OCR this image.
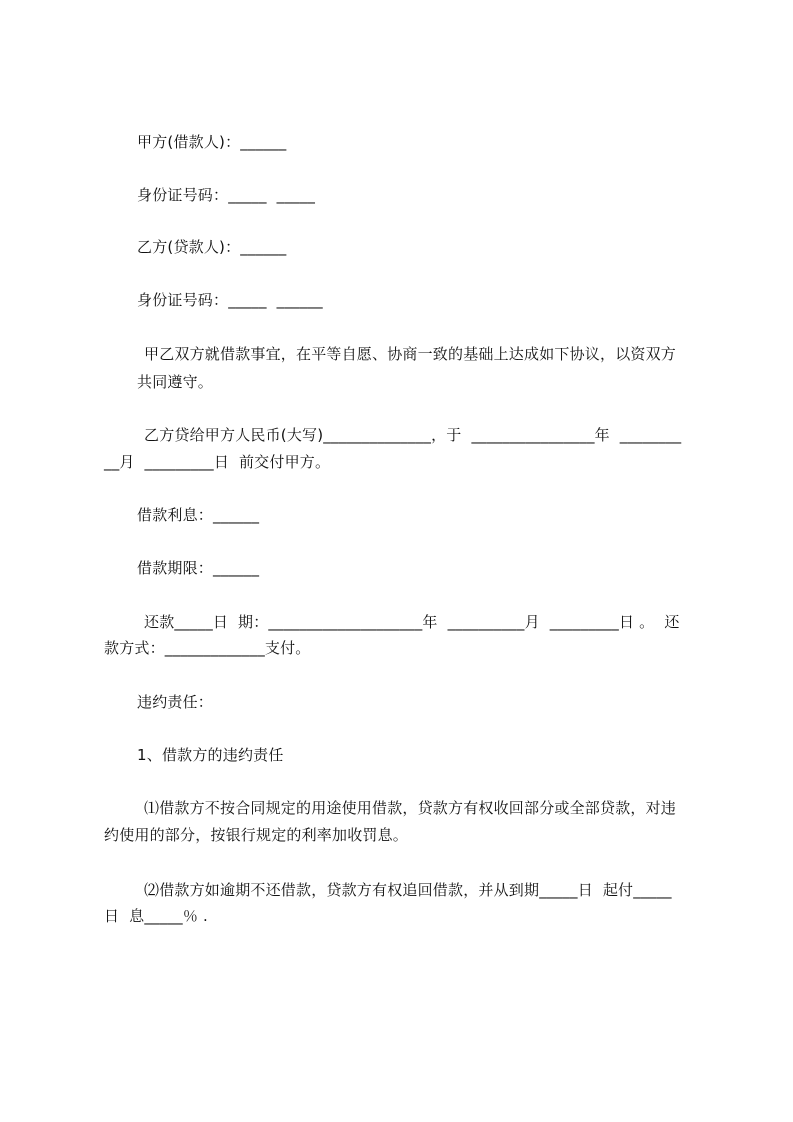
甲方(借款人)：______
身份证号码：_____  _____
乙方(贷款人)：______
身份证号码：_____  ______
甲乙双方就借款事宜，在平等自愿、协商一致的基础上达成如下协议，以资双方
共同遵守。
乙方贷给甲方人民币(大写)______________，于  ________________年  ________
__月  _________日  前交付甲方。
借款利息：______
借款期限：______
还款_____日  期：____________________年  __________月  _________日 。  还
款方式：_____________支付。
违约责任：
1、借款方的违约责任
⑴借款方不按合同规定的用途使用借款，贷款方有权收回部分或全部贷款，对违
约使用的部分，按银行规定的利率加收罚息。
⑵借款方如逾期不还借款，贷款方有权追回借款，并从到期_____日  起付_____
日  息_____％ .
